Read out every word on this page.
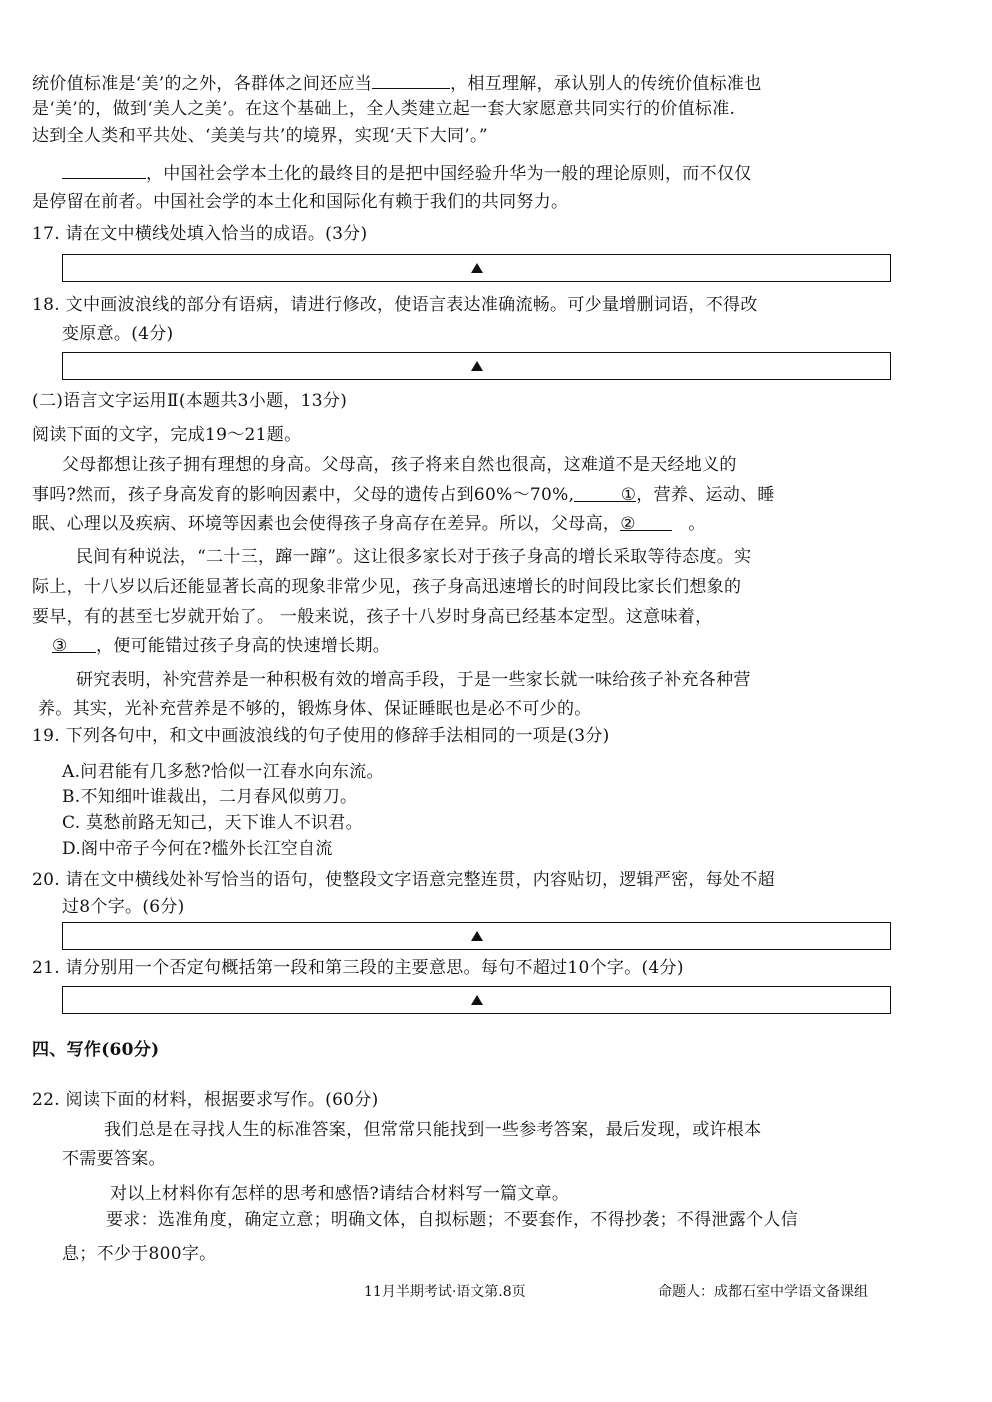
统价值标准是‘美’的之外，各群体之间还应当	，相互理解，承认别人的传统价值标准也
是‘美’的，做到‘美人之美’。在这个基础上，全人类建立起一套大家愿意共同实行的价值标准.
达到全人类和平共处、‘美美与共’的境界，实现‘天下大同’。”
，中国社会学本土化的最终目的是把中国经验升华为一般的理论原则，而不仅仅
是停留在前者。中国社会学的本土化和国际化有赖于我们的共同努力。
17. 请在文中横线处填入恰当的成语。(3分)
18. 文中画波浪线的部分有语病，请进行修改，使语言表达准确流畅。可少量增删词语，不得改
变原意。(4分)
(二)语言文字运用Ⅱ(本题共3小题，13分)
阅读下面的文字，完成19～21题。
父母都想让孩子拥有理想的身高。父母高，孩子将来自然也很高，这难道不是天经地义的
事吗?然而，孩子身高发育的影响因素中，父母的遗传占到60%～70%,	①，营养、运动、睡
眠、心理以及疾病、环境等因素也会使得孩子身高存在差异。所以，父母高，②	。
民间有种说法，“二十三，蹿一蹿”。这让很多家长对于孩子身高的增长采取等待态度。实
际上，十八岁以后还能显著长高的现象非常少见，孩子身高迅速增长的时间段比家长们想象的
要早，有的甚至七岁就开始了。 一般来说，孩子十八岁时身高已经基本定型。这意味着，
③ ，便可能错过孩子身高的快速增长期。
研究表明，补究营养是一种积极有效的增高手段，于是一些家长就一味给孩子补充各种营
养。其实，光补充营养是不够的，锻炼身体、保证睡眠也是必不可少的。
19. 下列各句中，和文中画波浪线的句子使用的修辞手法相同的一项是(3分)
A.问君能有几多愁?恰似一江春水向东流。
B.不知细叶谁裁出，二月春风似剪刀。
C. 莫愁前路无知己，天下谁人不识君。
D.阁中帝子今何在?槛外长江空自流
20. 请在文中横线处补写恰当的语句，使整段文字语意完整连贯，内容贴切，逻辑严密，每处不超
过8个字。(6分)
21. 请分别用一个否定句概括第一段和第三段的主要意思。每句不超过10个字。(4分)
四、写作(60分)
22. 阅读下面的材料，根据要求写作。(60分)
我们总是在寻找人生的标准答案，但常常只能找到一些参考答案，最后发现，或许根本
不需要答案。
对以上材料你有怎样的思考和感悟?请结合材料写一篇文章。
要求：选准角度，确定立意；明确文体，自拟标题；不要套作，不得抄袭；不得泄露个人信
息；不少于800字。
11月半期考试·语文第.8页	命题人：成都石室中学语文备课组
